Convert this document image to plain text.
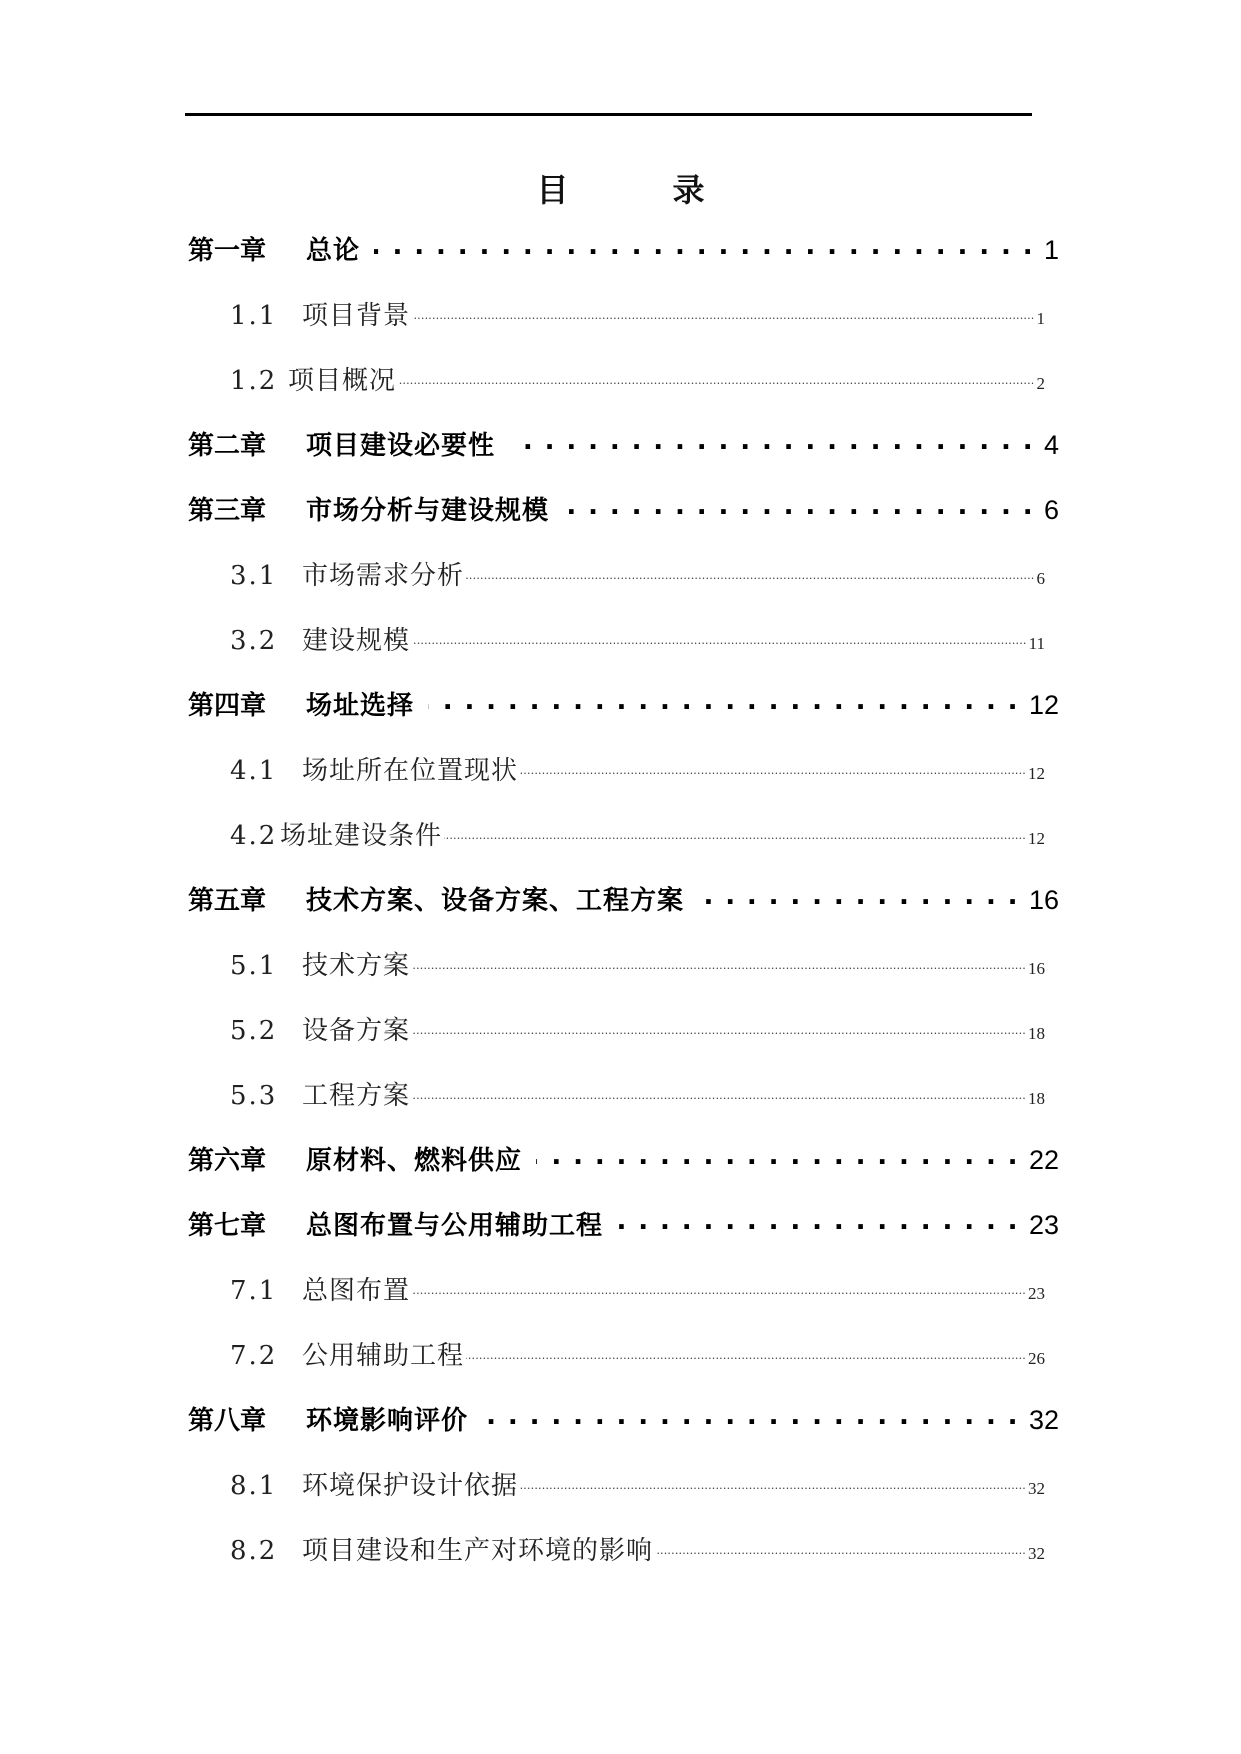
目　录
第一章	总论 . . .	1
1.1 项目背景 .....	1
1.2 项目概况 .....	2
第二章	项目建设必要性 . . .	4
第三章	市场分析与建设规模 . . .	6
3.1 市场需求分析 .....	6
3.2 建设规模 .....	11
第四章	场址选择 . . .	12
4.1 场址所在位置现状 .....	12
4.2 场址建设条件 .....	12
第五章	技术方案、设备方案、工程方案 . . .	16
5.1 技术方案 .....	16
5.2 设备方案 .....	18
5.3 工程方案 .....	18
第六章	原材料、燃料供应 . . .	22
第七章	总图布置与公用辅助工程 . . .	23
7.1 总图布置 .....	23
7.2 公用辅助工程 .....	26
第八章	环境影响评价 . . .	32
8.1 环境保护设计依据 .....	32
8.2 项目建设和生产对环境的影响 .....	32
